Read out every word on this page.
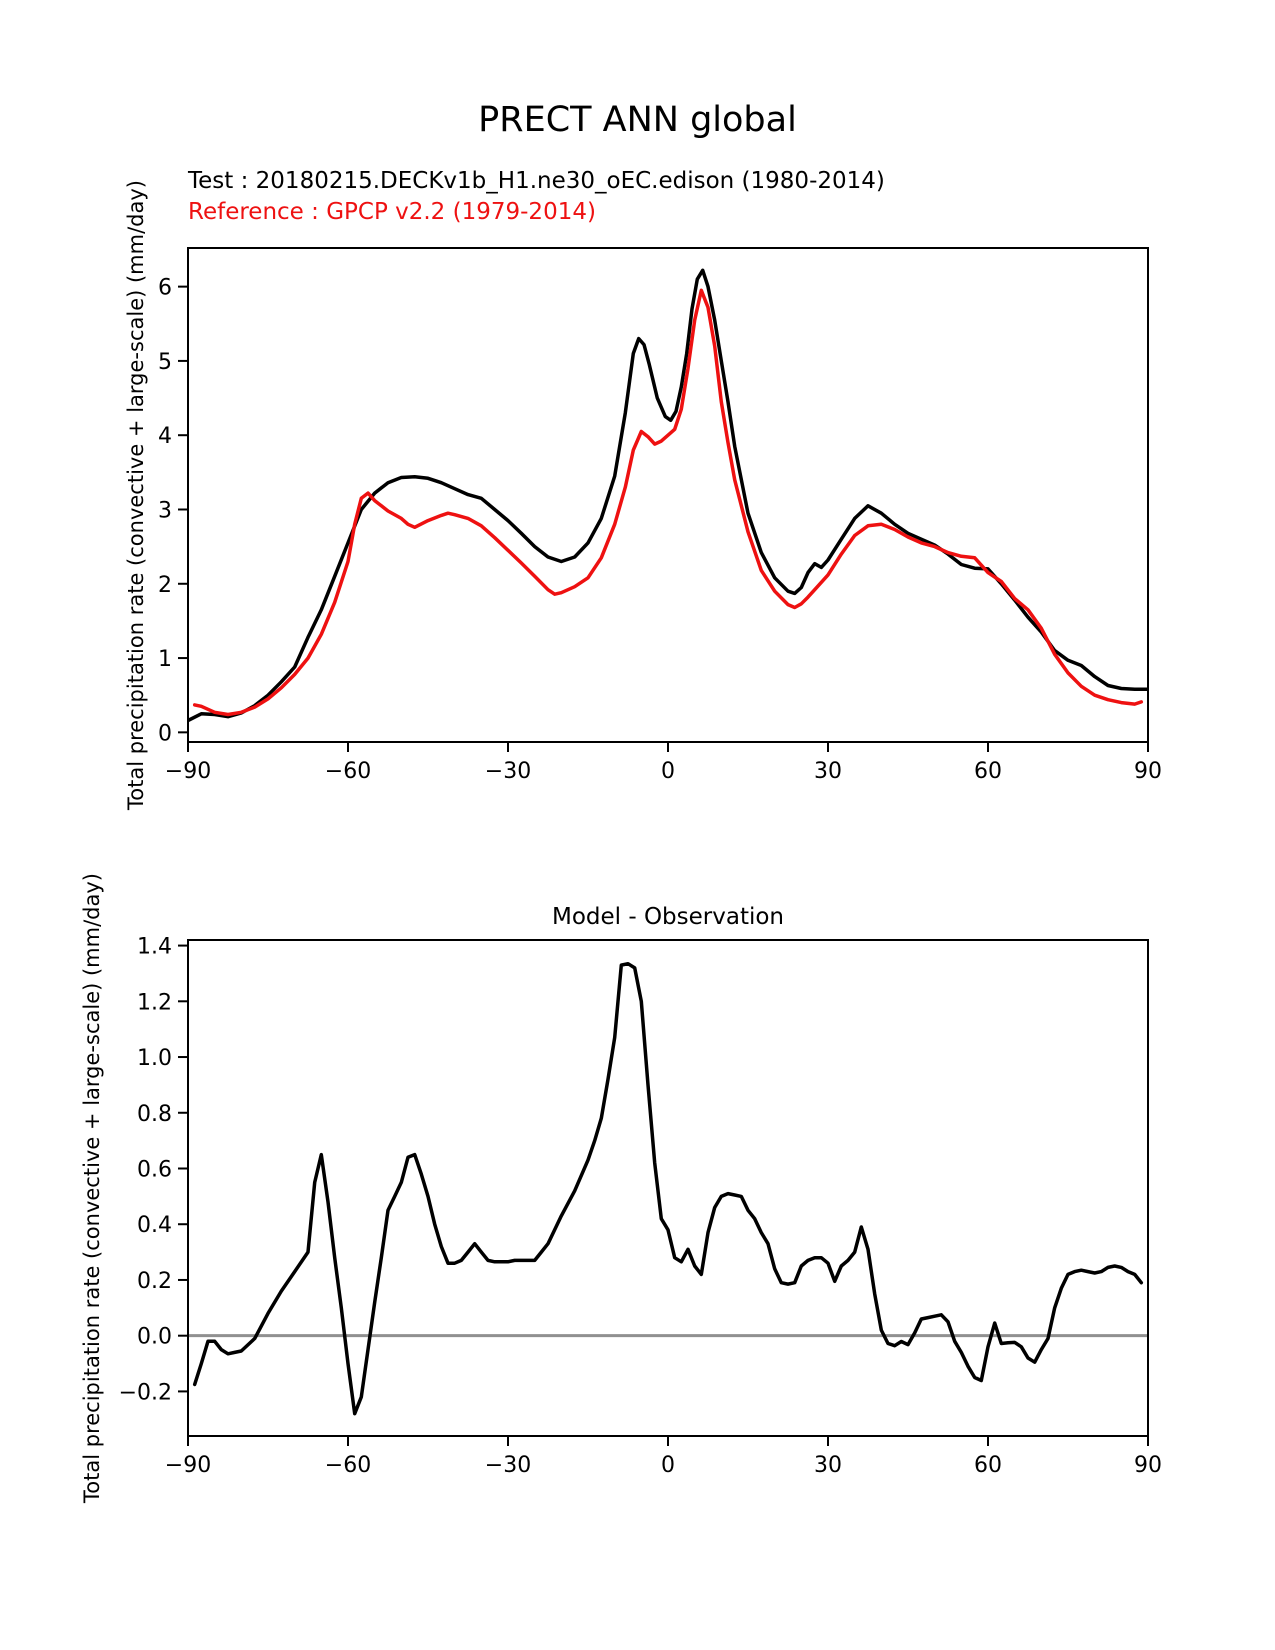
PRECT ANN global
Test : 20180215.DECKv1b_H1.ne30_oEC.edison (1980-2014)
Reference : GPCP v2.2 (1979-2014)
−90	−60	−30	0	30	60	90
0
1
2
3
4
5
6
Total precipitation rate (convective + large-scale) (mm/day)
−90	−60	−30	0	30	60	90
−0.2
0.0
0.2
0.4
0.6
0.8
1.0
1.2
1.4
Model - Observation
Total precipitation rate (convective + large-scale) (mm/day)
